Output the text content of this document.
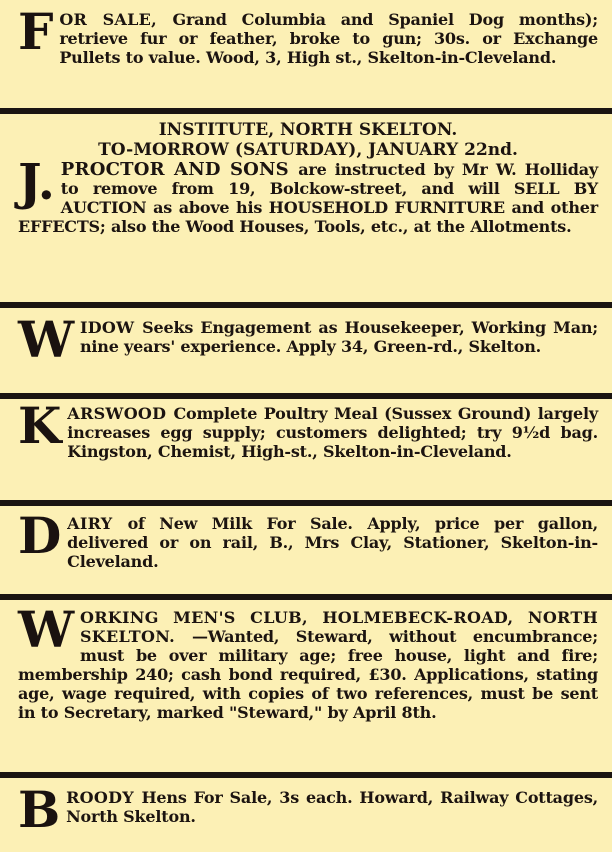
F OR SALE, Grand Columbia and Spaniel Dog months); retrieve fur or feather, broke to gun; 30s. or Exchange Pullets to value. Wood, 3, High st., Skelton-in-Cleveland.

INSTITUTE, NORTH SKELTON.

TO-MORROW (SATURDAY), JANUARY 22nd.

J. PROCTOR AND SONS are instructed by Mr W. Holliday to remove from 19, Bolckow-street, and will SELL BY AUCTION as above his HOUSEHOLD FURNITURE and other EFFECTS; also the Wood Houses, Tools, etc., at the Allotments.

W IDOW Seeks Engagement as Housekeeper, Working Man; nine years' experience. Apply 34, Green-rd., Skelton.

K ARSWOOD Complete Poultry Meal (Sussex Ground) largely increases egg supply; customers delighted; try 9½d bag. Kingston, Chemist, High-st., Skelton-in-Cleveland.

D AIRY of New Milk For Sale. Apply, price per gallon, delivered or on rail, B., Mrs Clay, Stationer, Skelton-in-Cleveland.

W ORKING MEN'S CLUB, HOLMEBECK-ROAD, NORTH SKELTON. —Wanted, Steward, without encumbrance; must be over military age; free house, light and fire; membership 240; cash bond required, £30. Applications, stating age, wage required, with copies of two references, must be sent in to Secretary, marked "Steward," by April 8th.

B ROODY Hens For Sale, 3s each. Howard, Railway Cottages, North Skelton.
